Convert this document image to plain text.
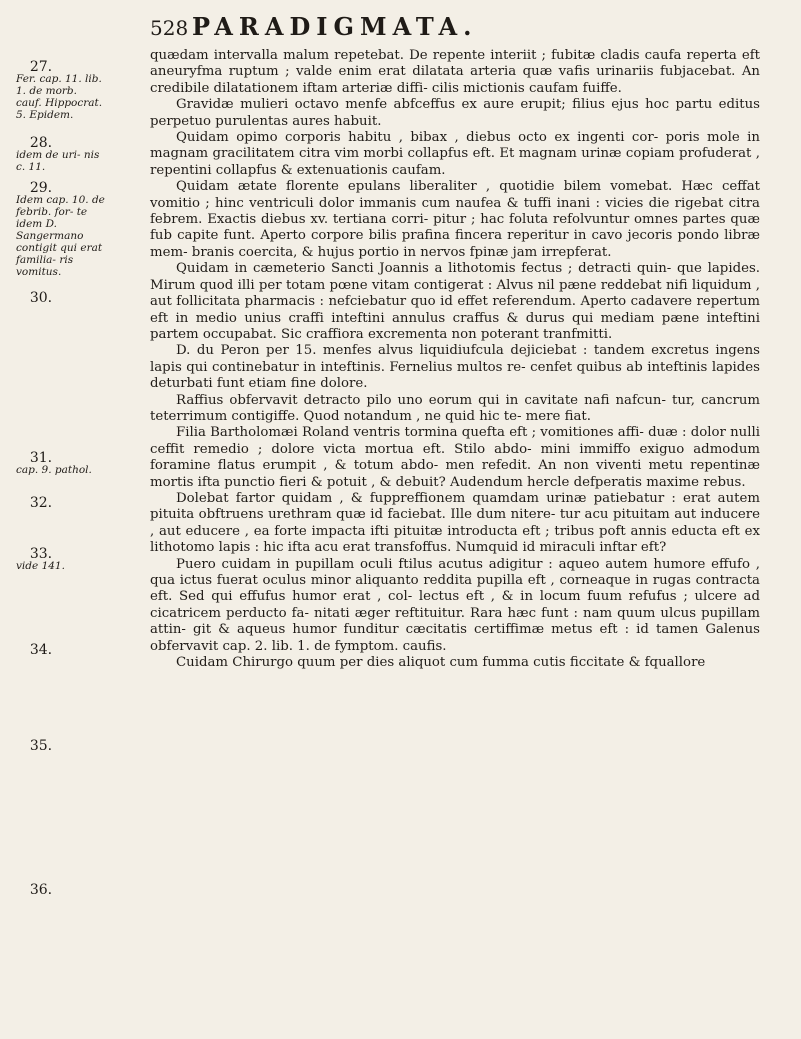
528 PARADIGMATA.
27.
Fer. cap. 11. lib. 1. de morb. cauf. Hippocrat. 5. Epidem.
28.
idem de uri- nis c. 11.
29.
Idem cap. 10. de febrib. for- te idem D. Sangermano contigit qui erat familia- ris vomitus.
30.
31.
cap. 9. pathol.
32.
33.
vide 141.
34.
35.
36.

quædam intervalla malum repetebat. De repente interiit ; fubitæ cladis caufa reperta eft aneuryfma ruptum ; valde enim erat dilatata arteria quæ vafis urinariis fubjacebat. An credibile dilatationem iftam arteriæ diffi- cilis mictionis caufam fuiffe.

Gravidæ mulieri octavo menfe abfceffus ex aure erupit; filius ejus hoc partu editus perpetuo purulentas aures habuit.

Quidam opimo corporis habitu , bibax , diebus octo ex ingenti cor- poris mole in magnam gracilitatem citra vim morbi collapfus eft. Et magnam urinæ copiam profuderat , repentini collapfus & extenuationis caufam.

Quidam ætate florente epulans liberaliter , quotidie bilem vomebat. Hæc ceffat vomitio ; hinc ventriculi dolor immanis cum naufea & tuffi inani : vicies die rigebat citra febrem. Exactis diebus xv. tertiana corri- pitur ; hac foluta refolvuntur omnes partes quæ fub capite funt. Aperto corpore bilis prafina fincera reperitur in cavo jecoris pondo libræ mem- branis coercita, & hujus portio in nervos fpinæ jam irrepferat.

Quidam in cæmeterio Sancti Joannis a lithotomis fectus ; detracti quin- que lapides. Mirum quod illi per totam pœne vitam contigerat : Alvus nil pæne reddebat nifi liquidum , aut follicitata pharmacis : nefciebatur quo id effet referendum. Aperto cadavere repertum eft in medio unius craffi inteftini annulus craffus & durus qui mediam pæne inteftini partem occupabat. Sic craffiora excrementa non poterant tranfmitti.

D. du Peron per 15. menfes alvus liquidiufcula dejiciebat : tandem excretus ingens lapis qui continebatur in inteftinis. Fernelius multos re- cenfet quibus ab inteftinis lapides deturbati funt etiam fine dolore.

Raffius obfervavit detracto pilo uno eorum qui in cavitate nafi nafcun- tur, cancrum teterrimum contigiffe. Quod notandum , ne quid hic te- mere fiat.

Filia Bartholomæi Roland ventris tormina quefta eft ; vomitiones affi- duæ : dolor nulli ceffit remedio ; dolore victa mortua eft. Stilo abdo- mini immiffo exiguo admodum foramine flatus erumpit , & totum abdo- men refedit. An non viventi metu repentinæ mortis ifta punctio fieri & potuit , & debuit? Audendum hercle defperatis maxime rebus.

Dolebat fartor quidam , & fuppreffionem quamdam urinæ patiebatur : erat autem pituita obftruens urethram quæ id faciebat. Ille dum nitere- tur acu pituitam aut inducere , aut educere , ea forte impacta ifti pituitæ introducta eft ; tribus poft annis educta eft ex lithotomo lapis : hic ifta acu erat transfoffus. Numquid id miraculi inftar eft?

Puero cuidam in pupillam oculi ftilus acutus adigitur : aqueo autem humore effufo , qua ictus fuerat oculus minor aliquanto reddita pupilla eft , corneaque in rugas contracta eft. Sed qui effufus humor erat , col- lectus eft , & in locum fuum refufus ; ulcere ad cicatricem perducto fa- nitati æger reftituitur. Rara hæc funt : nam quum ulcus pupillam attin- git & aqueus humor funditur cæcitatis certiffimæ metus eft : id tamen Galenus obfervavit cap. 2. lib. 1. de fymptom. caufis.

Cuidam Chirurgo quum per dies aliquot cum fumma cutis ficcitate & fquallore
